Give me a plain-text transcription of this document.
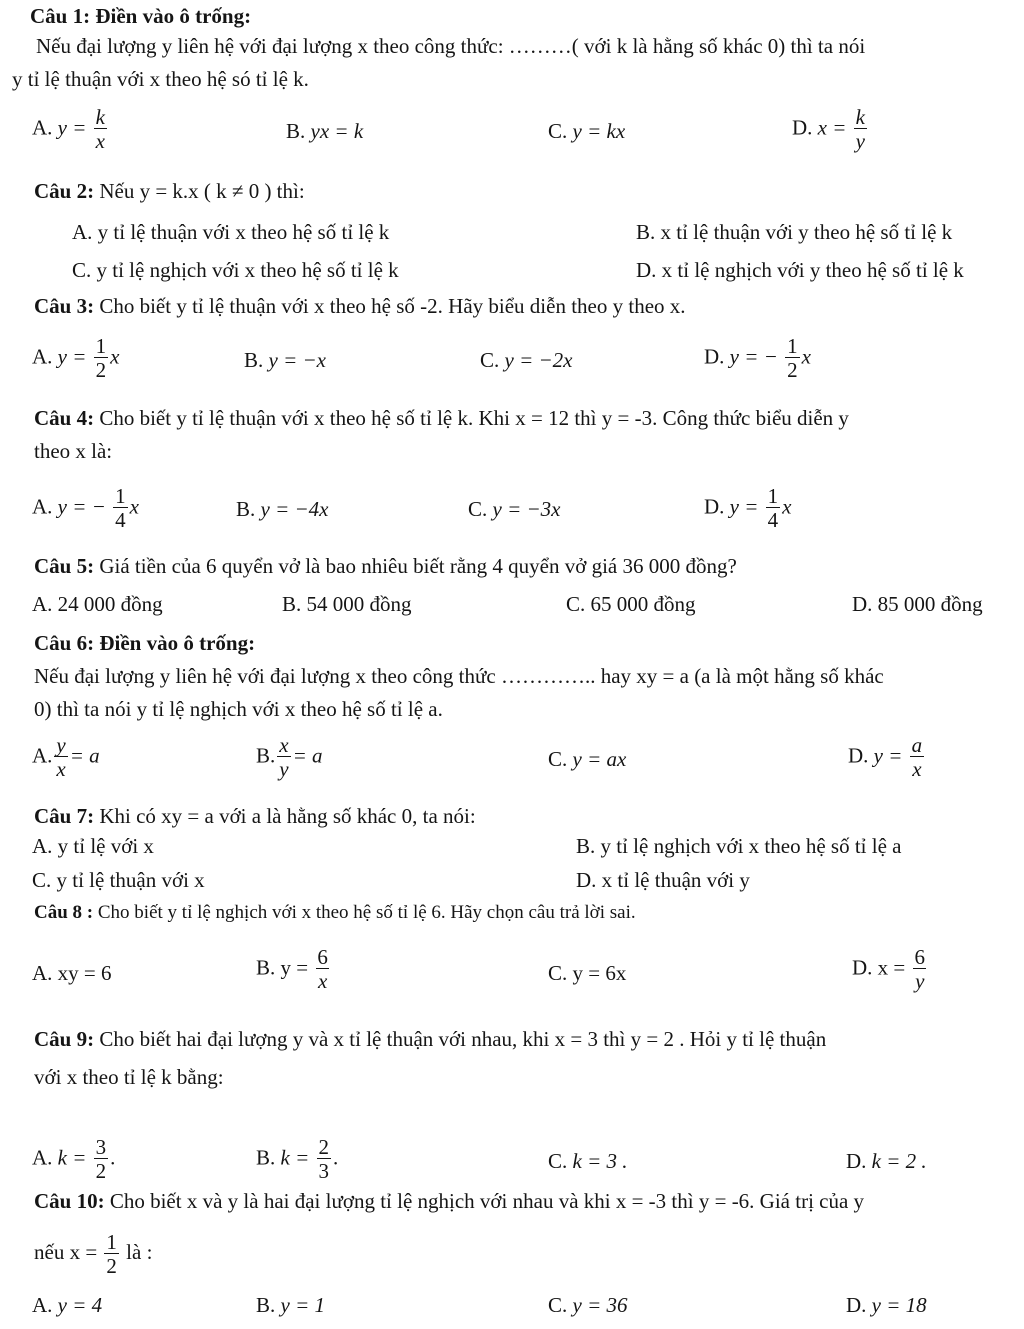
Câu 1: Điền vào ô trống:
Nếu đại lượng y liên hệ với đại lượng x theo công thức: ………( với k là hằng số khác 0) thì ta nói
y tỉ lệ thuận với x theo hệ só tỉ lệ k.
A. $y = \frac{k}{x}$	B. yx = k	C. y = kx	D. $x = \frac{k}{y}$
Câu 2: Nếu y = k.x ( k ≠ 0 ) thì:
A. y tỉ lệ thuận với x theo hệ số tỉ lệ k	B. x tỉ lệ thuận với y theo hệ số tỉ lệ k
C. y tỉ lệ nghịch với x theo hệ số tỉ lệ k	D. x tỉ lệ nghịch với y theo hệ số tỉ lệ k
Câu 3: Cho biết y tỉ lệ thuận với x theo hệ số -2. Hãy biểu diễn theo y theo x.
A. $y = \frac{1}{2}$ x	B. y = −x	C. y = −2x	D. y = − $\frac{1}{2}$ x
Câu 4: Cho biết y tỉ lệ thuận với x theo hệ số tỉ lệ k. Khi x = 12 thì y = -3. Công thức biểu diễn y
theo x là:
A. y = − $\frac{1}{4}$ x	B. y = −4x	C. y = −3x	D. $y = \frac{1}{4}$ x
Câu 5: Giá tiền của 6 quyển vở là bao nhiêu biết rằng 4 quyển vở giá 36 000 đồng?
A. 24 000 đồng	B. 54 000 đồng	C. 65 000 đồng	D. 85 000 đồng
Câu 6: Điền vào ô trống:
Nếu đại lượng y liên hệ với đại lượng x theo công thức ………….. hay xy = a (a là một hằng số khác
0) thì ta nói y tỉ lệ nghịch với x theo hệ số tỉ lệ a.
A. $\frac{y}{x} = a$	B. $\frac{x}{y} = a$	C. y = ax	D. $y = \frac{a}{x}$
Câu 7: Khi có xy = a với a là hằng số khác 0, ta nói:
A. y tỉ lệ với x	B. y tỉ lệ nghịch với x theo hệ số tỉ lệ a
C. y tỉ lệ thuận với x	D. x tỉ lệ thuận với y
Câu 8 : Cho biết y tỉ lệ nghịch với x theo hệ số tỉ lệ 6. Hãy chọn câu trả lời sai.
A. xy = 6	B. $y = \frac{6}{x}$	C. y = 6x	D. $x = \frac{6}{y}$
Câu 9: Cho biết hai đại lượng y và x tỉ lệ thuận với nhau, khi x = 3 thì y = 2 . Hỏi y tỉ lệ thuận
với x theo tỉ lệ k bằng:
A. $k = \frac{3}{2}$ .	B. $k = \frac{2}{3}$ .	C. k = 3 .	D. k = 2 .
Câu 10: Cho biết x và y là hai đại lượng tỉ lệ nghịch với nhau và khi x = -3 thì y = -6. Giá trị của y
nếu $x = \frac{1}{2}$ là :
A. y = 4	B. y = 1	C. y = 36	D. y = 18
